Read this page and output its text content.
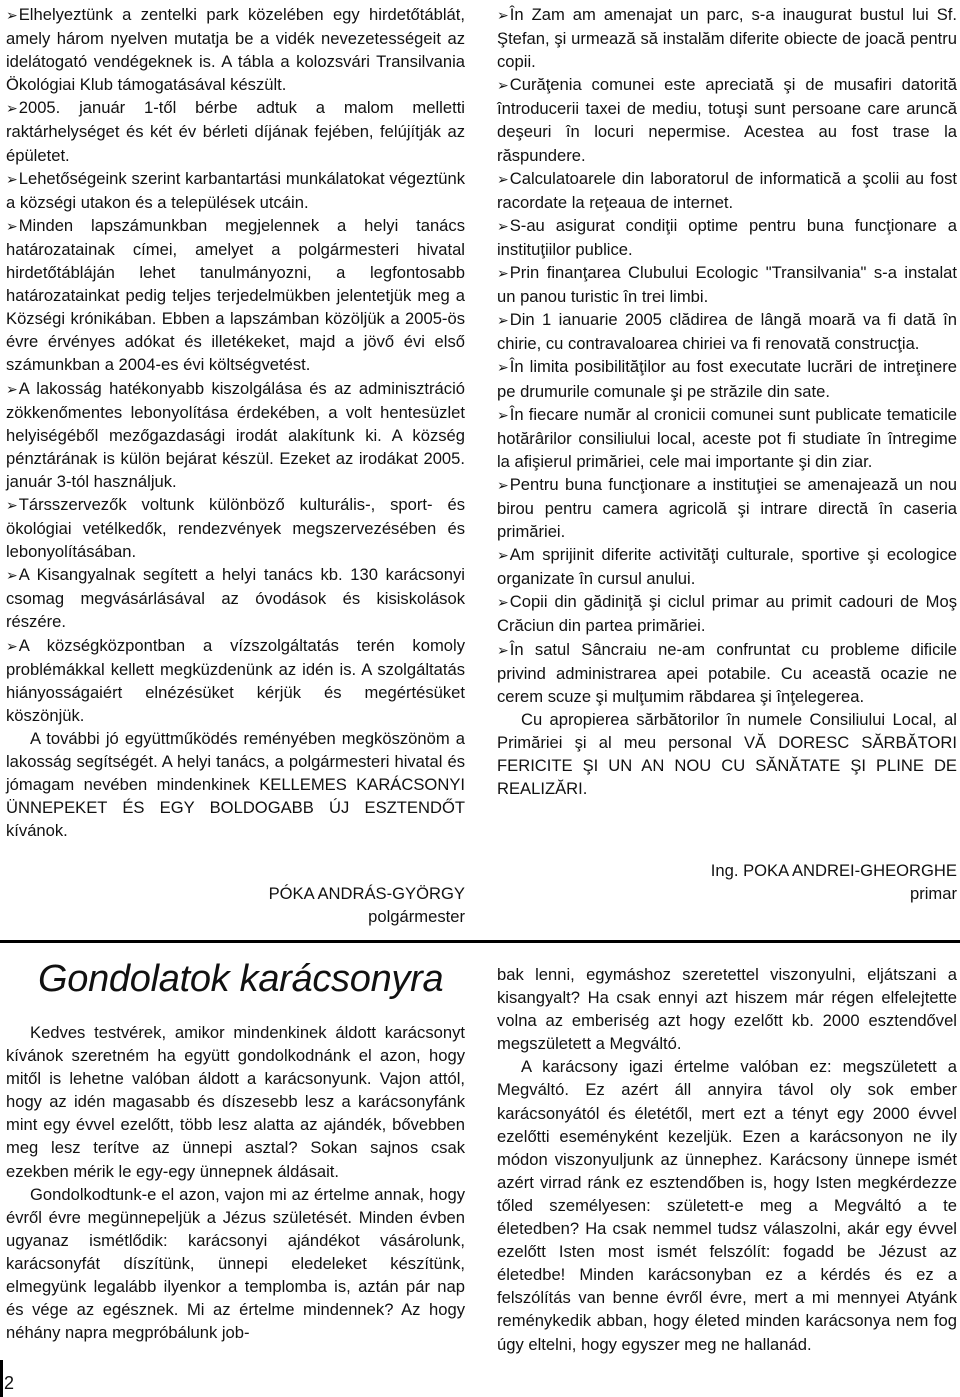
➢Elhelyeztünk a zentelki park közelében egy hirdetőtáblát, amely három nyelven mutatja be a vidék nevezetességeit az idelátogató vendégeknek is. A tábla a kolozsvári Transilvania Ökológiai Klub támogatásával készült.

➢2005. január 1-től bérbe adtuk a malom melletti raktárhelységet és két év bérleti díjának fejében, felújítják az épületet.

➢Lehetőségeink szerint karbantartási munkálatokat végeztünk a községi utakon és a települések utcáin.

➢Minden lapszámunkban megjelennek a helyi tanács határozatainak címei, amelyet a polgármesteri hivatal hirdetőtábláján lehet tanulmányozni, a legfontosabb határozatainkat pedig teljes terjedelmükben jelentetjük meg a Községi krónikában. Ebben a lapszámban közöljük a 2005-ös évre érvényes adókat és illetékeket, majd a jövő évi első számunkban a 2004-es évi költségvetést.

➢A lakosság hatékonyabb kiszolgálása és az adminisztráció zökkenőmentes lebonyolítása érdekében, a volt hentesüzlet helyiségéből mezőgazdasági irodát alakítunk ki. A község pénztárának is külön bejárat készül. Ezeket az irodákat 2005. január 3-tól használjuk.

➢Társszervezők voltunk különböző kulturális-, sport- és ökológiai vetélkedők, rendezvények megszervezésében és lebonyolításában.

➢A Kisangyalnak segített a helyi tanács kb. 130 karácsonyi csomag megvásárlásával az óvodások és kisiskolások részére.

➢A községközpontban a vízszolgáltatás terén komoly problémákkal kellett megküzdenünk az idén is. A szolgáltatás hiányosságaiért elnézésüket kérjük és megértésüket köszönjük.

A további jó együttműködés reményében megköszönöm a lakosság segítségét. A helyi tanács, a polgármesteri hivatal és jómagam nevében mindenkinek KELLEMES KARÁCSONYI ÜNNEPEKET ÉS EGY BOLDOGABB ÚJ ESZTENDŐT kívánok.

PÓKA ANDRÁS-GYÖRGY
polgármester

➢În Zam am amenajat un parc, s-a inaugurat bustul lui Sf. Ştefan, şi urmează să instalăm diferite obiecte de joacă pentru copii.

➢Curăţenia comunei este apreciată şi de musafiri datorită întroducerii taxei de mediu, totuşi sunt persoane care aruncă deşeuri în locuri nepermise. Acestea au fost trase la răspundere.

➢Calculatoarele din laboratorul de informatică a şcolii au fost racordate la reţeaua de internet.

➢S-au asigurat condiţii optime pentru buna funcţionare a instituţiilor publice.

➢Prin finanţarea Clubului Ecologic "Transilvania" s-a instalat un panou turistic în trei limbi.

➢Din 1 ianuarie 2005 clădirea de lângă moară va fi dată în chirie, cu contravaloarea chiriei va fi renovată construcţia.

➢În limita posibilităţilor au fost executate lucrări de intreţinere pe drumurile comunale şi pe străzile din sate.

➢În fiecare număr al cronicii comunei sunt publicate tematicile hotărârilor consiliului local, aceste pot fi studiate în întregime la afişierul primăriei, cele mai importante şi din ziar.

➢Pentru buna funcţionare a instituţiei se amenajează un nou birou pentru camera agricolă şi intrare directă în caseria primăriei.

➢Am sprijinit diferite activităţi culturale, sportive şi ecologice organizate în cursul anului.

➢Copii din gădiniţă şi ciclul primar au primit cadouri de Moş Crăciun din partea primăriei.

➢În satul Sâncraiu ne-am confruntat cu probleme dificile privind administrarea apei potabile. Cu această ocazie ne cerem scuze şi mulţumim răbdarea şi înţelegerea.

Cu apropierea sărbătorilor în numele Consiliului Local, al Primăriei şi al meu personal VĂ DORESC SĂRBĂTORI FERICITE ŞI UN AN NOU CU SĂNĂTATE ŞI PLINE DE REALIZĂRI.

Ing. POKA ANDREI-GHEORGHE
primar
Gondolatok karácsonyra

Kedves testvérek, amikor mindenkinek áldott karácsonyt kívánok szeretném ha együtt gondolkodnánk el azon, hogy mitől is lehetne valóban áldott a karácsonyunk. Vajon attól, hogy az idén magasabb és díszesebb lesz a karácsonyfánk mint egy évvel ezelőtt, több lesz alatta az ajándék, bővebben meg lesz terítve az ünnepi asztal? Sokan sajnos csak ezekben mérik le egy-egy ünnepnek áldásait.

Gondolkodtunk-e el azon, vajon mi az értelme annak, hogy évről évre megünnepeljük a Jézus születését. Minden évben ugyanaz ismétlődik: karácsonyi ajándékot vásárolunk, karácsonyfát díszítünk, ünnepi eledeleket készítünk, elmegyünk legalább ilyenkor a templomba is, aztán pár nap és vége az egésznek. Mi az értelme mindennek? Az hogy néhány napra megpróbálunk job-

bak lenni, egymáshoz szeretettel viszonyulni, eljátszani a kisangyalt? Ha csak ennyi azt hiszem már régen elfelejtette volna az emberiség azt hogy ezelőtt kb. 2000 esztendővel megszületett a Megváltó.

A karácsony igazi értelme valóban ez: megszületett a Megváltó. Ez azért áll annyira távol oly sok ember karácsonyától és életétől, mert ezt a tényt egy 2000 évvel ezelőtti eseményként kezeljük. Ezen a karácsonyon ne ily módon viszonyuljunk az ünnephez. Karácsony ünnepe ismét azért virrad ránk ez esztendőben is, hogy Isten megkérdezze tőled személyesen: született-e meg a Megváltó a te életedben? Ha csak nemmel tudsz válaszolni, akár egy évvel ezelőtt Isten most ismét felszólít: fogadd be Jézust az életedbe! Minden karácsonyban ez a kérdés és ez a felszólítás van benne évről évre, mert a mi mennyei Atyánk reménykedik abban, hogy életed minden karácsonya nem fog úgy eltelni, hogy egyszer meg ne hallanád.

2
